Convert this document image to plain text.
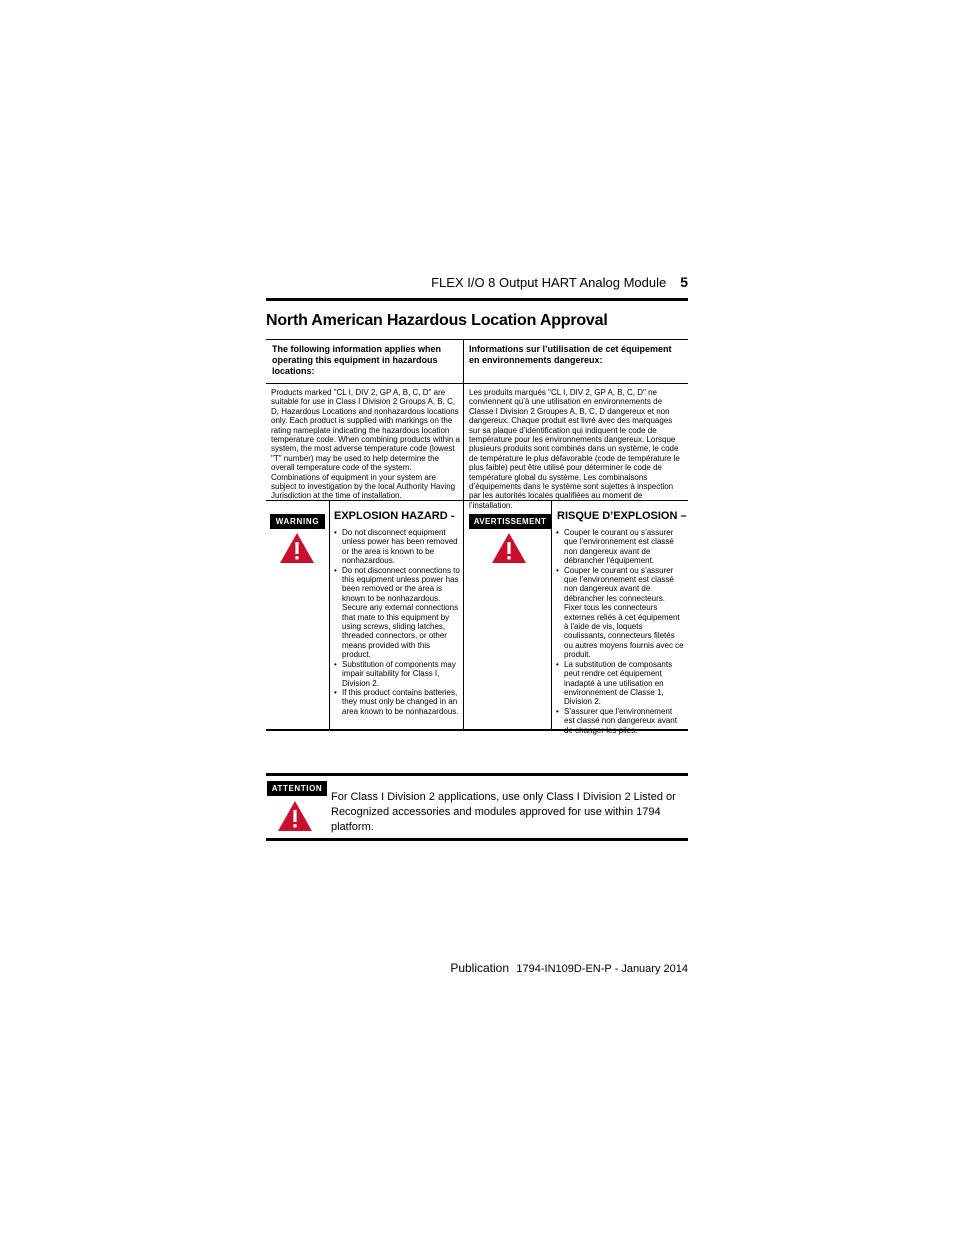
FLEX I/O 8 Output HART Analog Module 5
North American Hazardous Location Approval
The following information applies when operating this equipment in hazardous locations:
Informations sur l’utilisation de cet équipement en environnements dangereux:
Products marked "CL I, DIV 2, GP A, B, C, D" are suitable for use in Class I Division 2 Groups A, B, C, D, Hazardous Locations and nonhazardous locations only. Each product is supplied with markings on the rating nameplate indicating the hazardous location temperature code. When combining products within a system, the most adverse temperature code (lowest "T" number) may be used to help determine the overall temperature code of the system. Combinations of equipment in your system are subject to investigation by the local Authority Having Jurisdiction at the time of installation.
Les produits marqués "CL I, DIV 2, GP A, B, C, D" ne conviennent qu’à une utilisation en environnements de Classe I Division 2 Groupes A, B, C, D dangereux et non dangereux. Chaque produit est livré avec des marquages sur sa plaque d’identification qui indiquent le code de température pour les environnements dangereux. Lorsque plusieurs produits sont combinés dans un système, le code de température le plus défavorable (code de température le plus faible) peut être utilisé pour déterminer le code de température global du système. Les combinaisons d’équipements dans le système sont sujettes à inspection par les autorités locales qualifiées au moment de l’installation.
WARNING	EXPLOSION HAZARD -
• Do not disconnect equipment unless power has been removed or the area is known to be nonhazardous.
• Do not disconnect connections to this equipment unless power has been removed or the area is known to be nonhazardous. Secure any external connections that mate to this equipment by using screws, sliding latches, threaded connectors, or other means provided with this product.
• Substitution of components may impair suitability for Class I, Division 2.
• If this product contains batteries, they must only be changed in an area known to be nonhazardous.
AVERTISSEMENT RISQUE D’EXPLOSION –
• Couper le courant ou s’assurer que l’environnement est classé non dangereux avant de débrancher l'équipement.
• Couper le courant ou s’assurer que l’environnement est classé non dangereux avant de débrancher les connecteurs. Fixer tous les connecteurs externes reliés à cet équipement à l'aide de vis, loquets coulissants, connecteurs filetés ou autres moyens fournis avec ce produit.
• La substitution de composants peut rendre cet équipement inadapté à une utilisation en environnement de Classe 1, Division 2.
• S’assurer que l’environnement est classé non dangereux avant de changer les piles.
ATTENTION
For Class I Division 2 applications, use only Class I Division 2 Listed or Recognized accessories and modules approved for use within 1794 platform.
Publication 1794-IN109D-EN-P - January 2014
